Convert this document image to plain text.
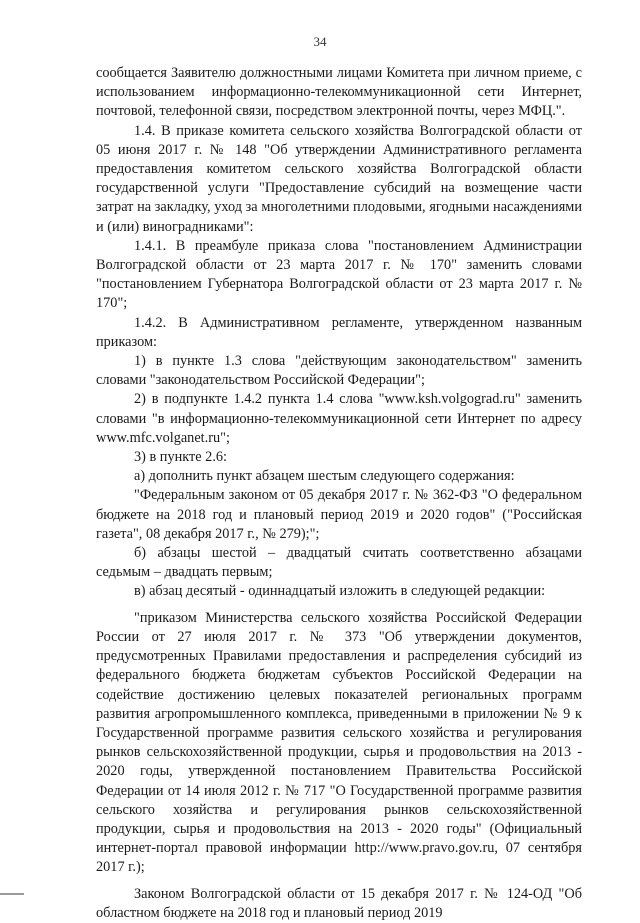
34

сообщается Заявителю должностными лицами Комитета при личном приеме, с использованием информационно-телекоммуникационной сети Интернет, почтовой, телефонной связи, посредством электронной почты, через МФЦ.".

1.4. В приказе комитета сельского хозяйства Волгоградской области от 05 июня 2017 г. № 148 "Об утверждении Административного регламента предоставления комитетом сельского хозяйства Волгоградской области государственной услуги "Предоставление субсидий на возмещение части затрат на закладку, уход за многолетними плодовыми, ягодными насаждениями и (или) виноградниками":

1.4.1. В преамбуле приказа слова "постановлением Администрации Волгоградской области от 23 марта 2017 г. № 170" заменить словами "постановлением Губернатора Волгоградской области от 23 марта 2017 г. № 170";

1.4.2. В Административном регламенте, утвержденном названным приказом:

1) в пункте 1.3 слова "действующим законодательством" заменить словами "законодательством Российской Федерации";

2) в подпункте 1.4.2 пункта 1.4 слова "www.ksh.volgograd.ru" заменить словами "в информационно-телекоммуникационной сети Интернет по адресу www.mfc.volganet.ru";

3) в пункте 2.6:

а) дополнить пункт абзацем шестым следующего содержания:

"Федеральным законом от 05 декабря 2017 г. № 362-ФЗ "О федеральном бюджете на 2018 год и плановый период 2019 и 2020 годов" ("Российская газета", 08 декабря 2017 г., № 279);";

б) абзацы шестой – двадцатый считать соответственно абзацами седьмым – двадцать первым;

в) абзац десятый - одиннадцатый изложить в следующей редакции:

"приказом Министерства сельского хозяйства Российской Федерации России от 27 июля 2017 г. № 373 "Об утверждении документов, предусмотренных Правилами предоставления и распределения субсидий из федерального бюджета бюджетам субъектов Российской Федерации на содействие достижению целевых показателей региональных программ развития агропромышленного комплекса, приведенными в приложении № 9 к Государственной программе развития сельского хозяйства и регулирования рынков сельскохозяйственной продукции, сырья и продовольствия на 2013 - 2020 годы, утвержденной постановлением Правительства Российской Федерации от 14 июля 2012 г. № 717 "О Государственной программе развития сельского хозяйства и регулирования рынков сельскохозяйственной продукции, сырья и продовольствия на 2013 - 2020 годы" (Официальный интернет-портал правовой информации http://www.pravo.gov.ru, 07 сентября 2017 г.);

Законом Волгоградской области от 15 декабря 2017 г. № 124-ОД "Об областном бюджете на 2018 год и плановый период 2019
